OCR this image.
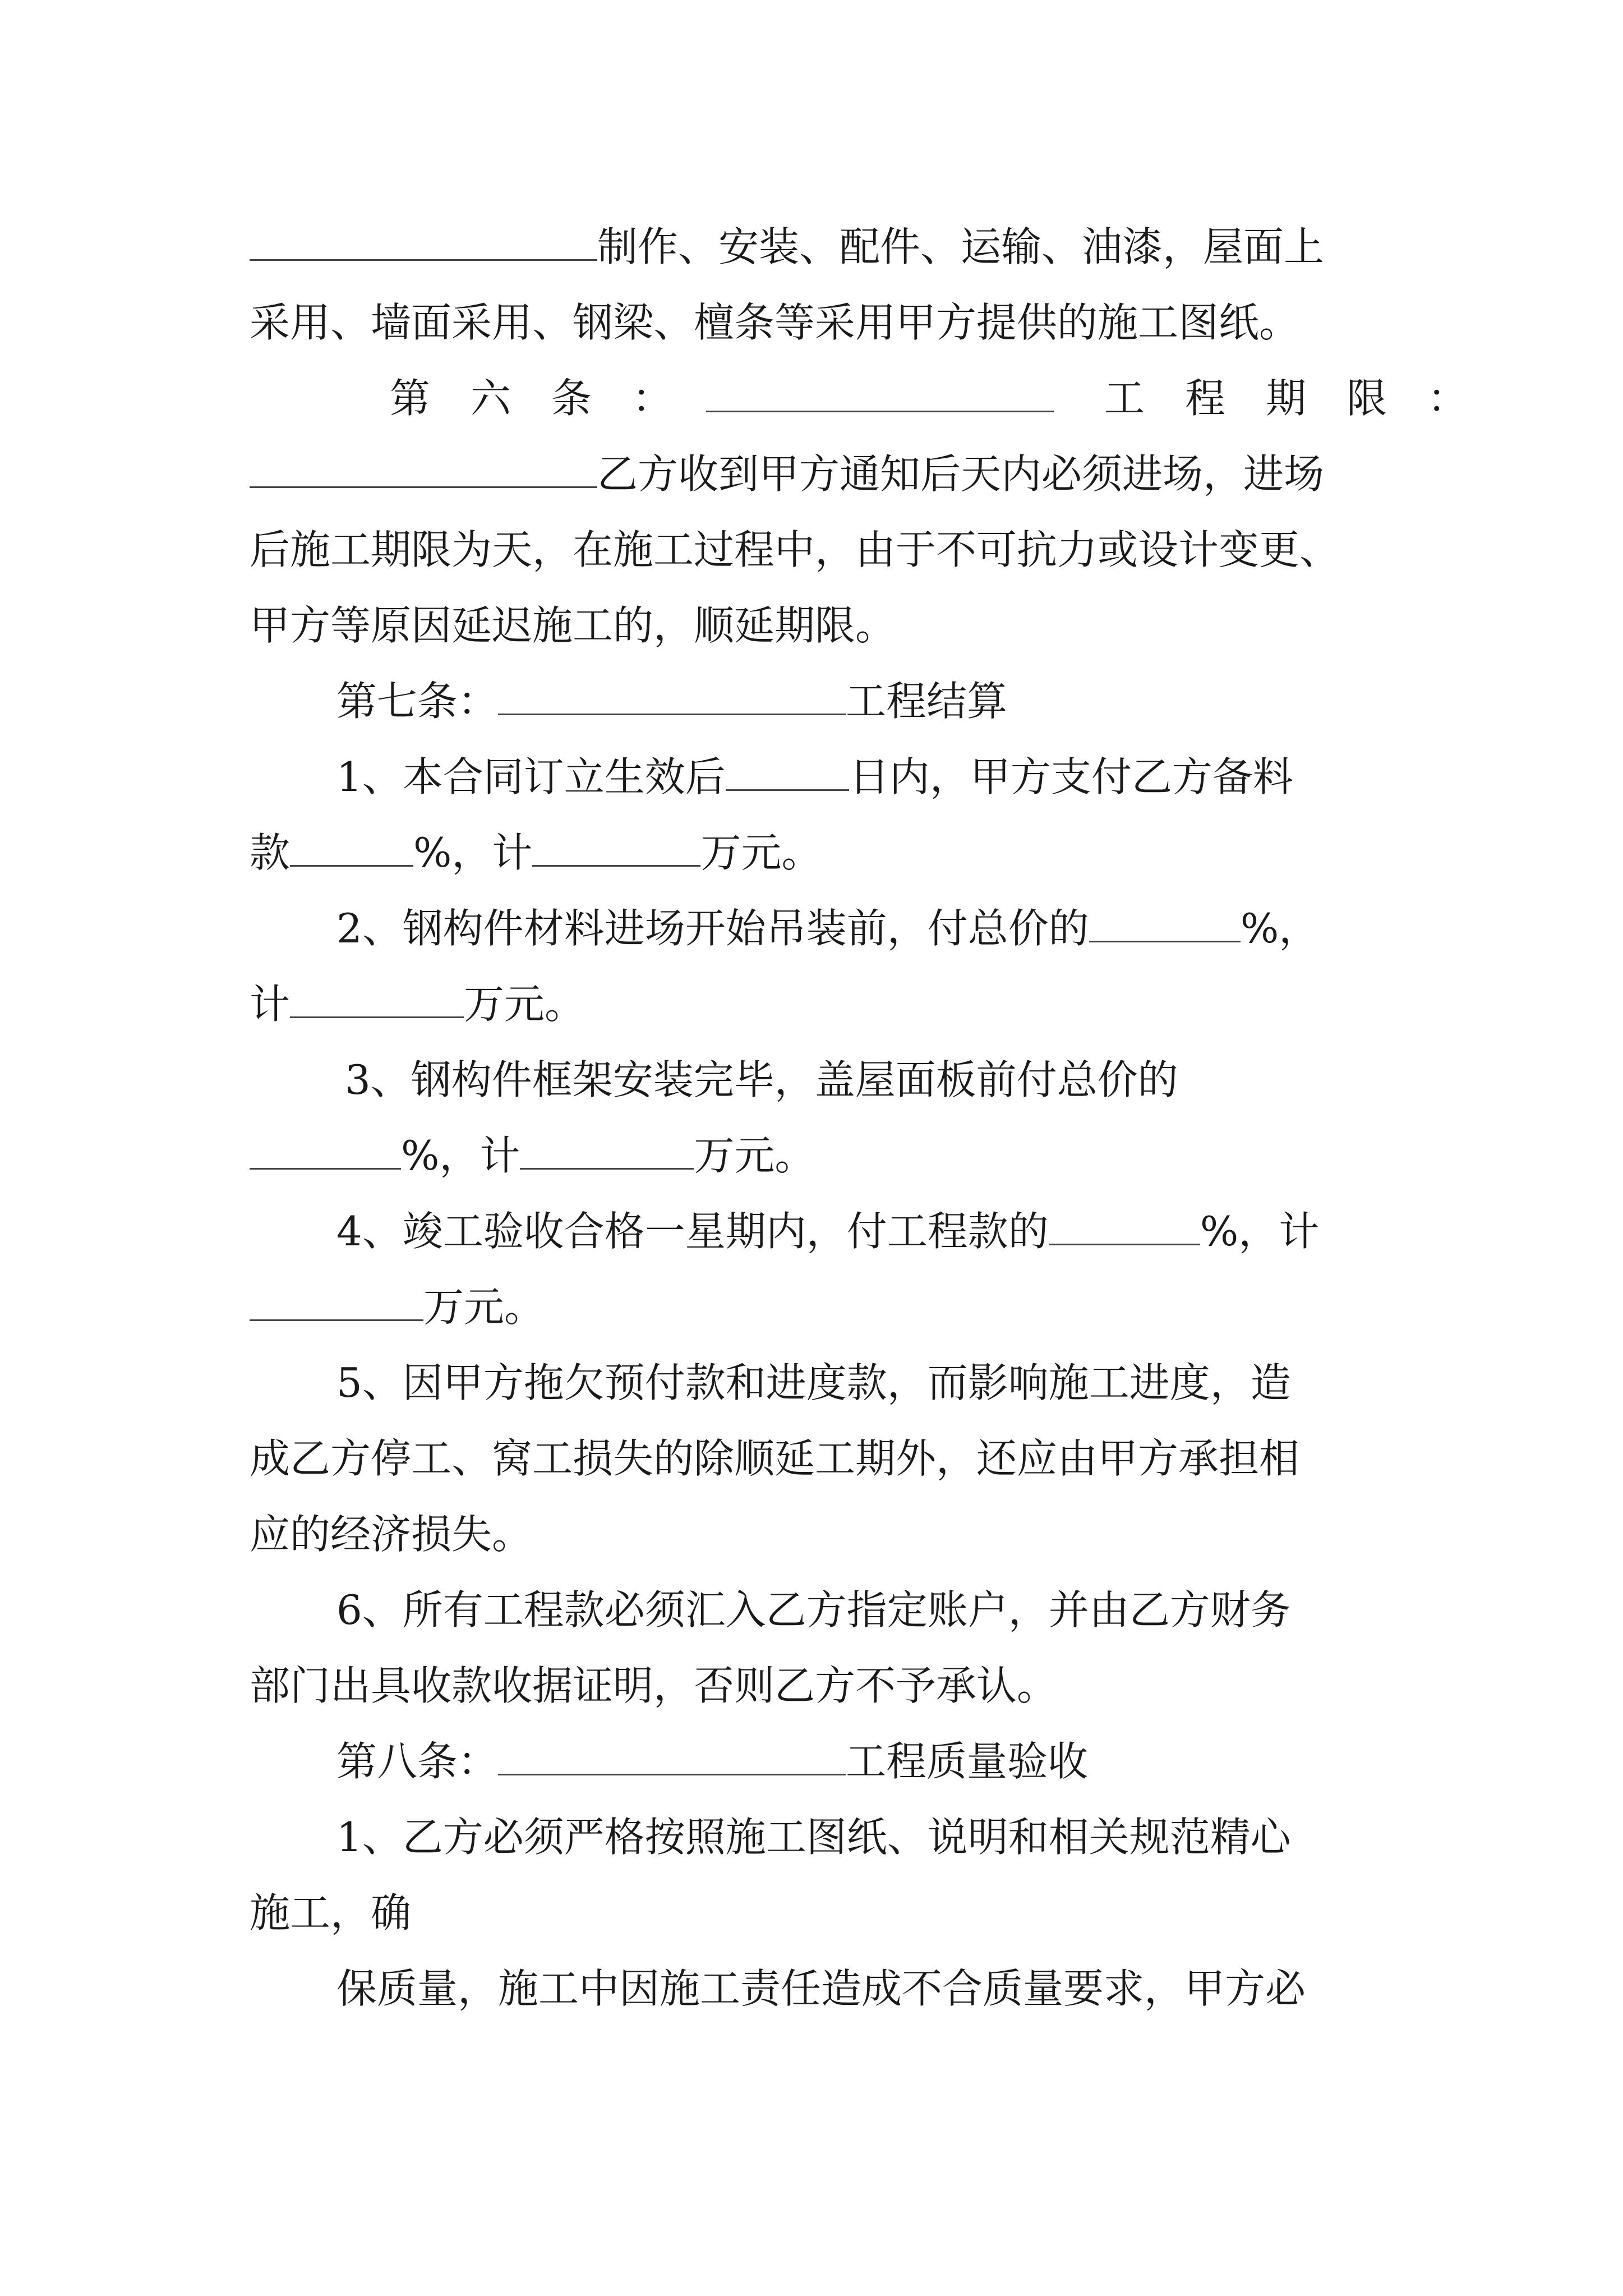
制作、安装、配件、运输、油漆，屋面上
采用、墙面采用、钢梁、檀条等采用甲方提供的施工图纸。
第　六　条　：	工　程　期　限　：
乙方收到甲方通知后天内必须进场，进场
后施工期限为天，在施工过程中，由于不可抗力或设计变更、
甲方等原因延迟施工的，顺延期限。
第七条：	工程结算
1、本合同订立生效后	日内，甲方支付乙方备料
款	%，计	万元。
2、钢构件材料进场开始吊装前，付总价的	%，
计	万元。
3、钢构件框架安装完毕，盖屋面板前付总价的
%，计	万元。
4、竣工验收合格一星期内，付工程款的	%，计
万元。
5、因甲方拖欠预付款和进度款，而影响施工进度，造
成乙方停工、窝工损失的除顺延工期外，还应由甲方承担相
应的经济损失。
6、所有工程款必须汇入乙方指定账户，并由乙方财务
部门出具收款收据证明，否则乙方不予承认。
第八条：	工程质量验收
1、乙方必须严格按照施工图纸、说明和相关规范精心
施工，确
保质量，施工中因施工责任造成不合质量要求，甲方必
